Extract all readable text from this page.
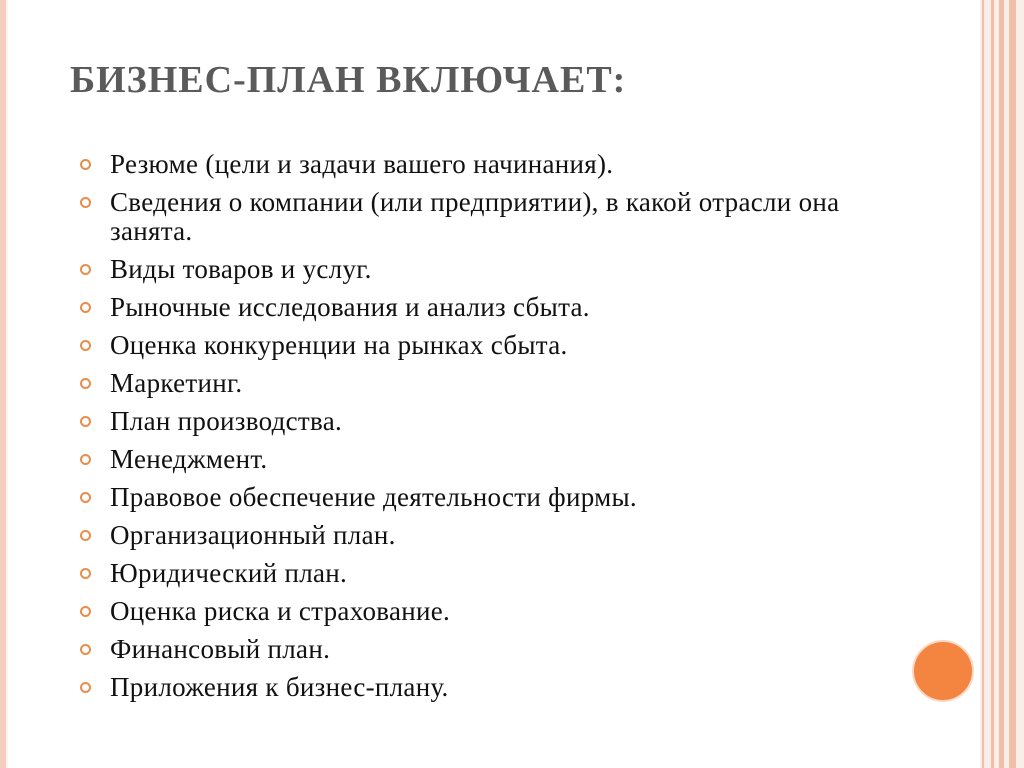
БИЗНЕС-ПЛАН ВКЛЮЧАЕТ:
Резюме (цели и задачи вашего начинания).
Сведения о компании (или предприятии), в какой отрасли она занята.
Виды товаров и услуг.
Рыночные исследования и анализ сбыта.
Оценка конкуренции на рынках сбыта.
Маркетинг.
План производства.
Менеджмент.
Правовое обеспечение деятельности фирмы.
Организационный план.
Юридический план.
Оценка риска и страхование.
Финансовый план.
Приложения к бизнес-плану.
